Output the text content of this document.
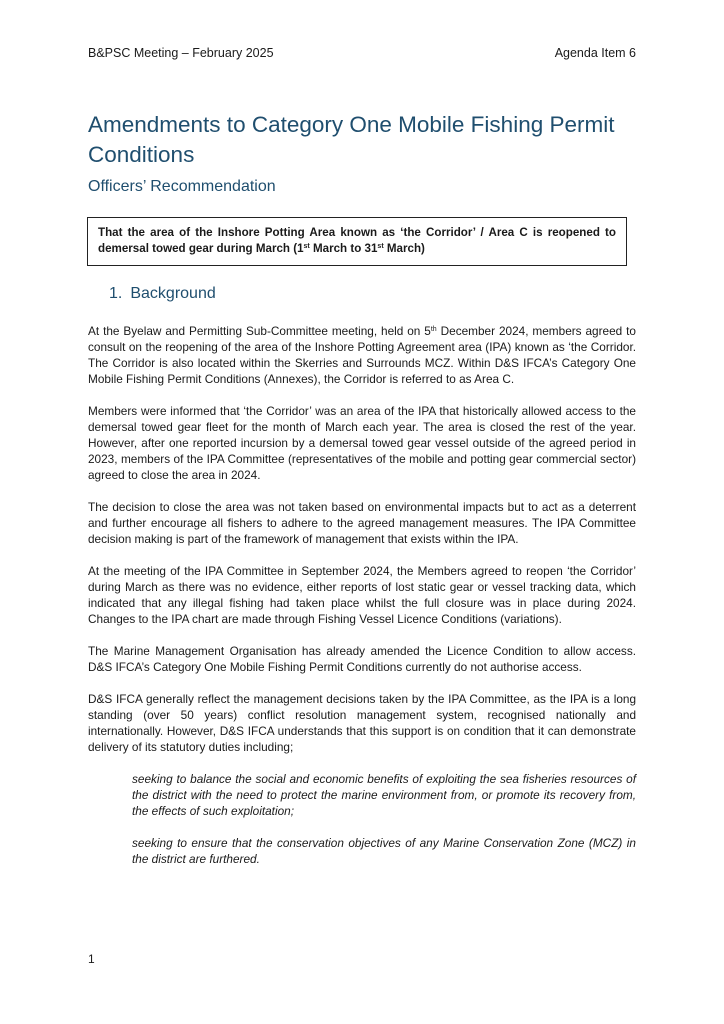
B&PSC Meeting – February 2025	Agenda Item 6
Amendments to Category One Mobile Fishing Permit Conditions
Officers’ Recommendation
That the area of the Inshore Potting Area known as ‘the Corridor’ / Area C is reopened to demersal towed gear during March (1st March to 31st March)
1. Background

At the Byelaw and Permitting Sub-Committee meeting, held on 5th December 2024, members agreed to consult on the reopening of the area of the Inshore Potting Agreement area (IPA) known as ‘the Corridor. The Corridor is also located within the Skerries and Surrounds MCZ. Within D&S IFCA’s Category One Mobile Fishing Permit Conditions (Annexes), the Corridor is referred to as Area C.

Members were informed that ‘the Corridor’ was an area of the IPA that historically allowed access to the demersal towed gear fleet for the month of March each year. The area is closed the rest of the year. However, after one reported incursion by a demersal towed gear vessel outside of the agreed period in 2023, members of the IPA Committee (representatives of the mobile and potting gear commercial sector) agreed to close the area in 2024.

The decision to close the area was not taken based on environmental impacts but to act as a deterrent and further encourage all fishers to adhere to the agreed management measures. The IPA Committee decision making is part of the framework of management that exists within the IPA.

At the meeting of the IPA Committee in September 2024, the Members agreed to reopen ‘the Corridor’ during March as there was no evidence, either reports of lost static gear or vessel tracking data, which indicated that any illegal fishing had taken place whilst the full closure was in place during 2024. Changes to the IPA chart are made through Fishing Vessel Licence Conditions (variations).

The Marine Management Organisation has already amended the Licence Condition to allow access. D&S IFCA’s Category One Mobile Fishing Permit Conditions currently do not authorise access.

D&S IFCA generally reflect the management decisions taken by the IPA Committee, as the IPA is a long standing (over 50 years) conflict resolution management system, recognised nationally and internationally. However, D&S IFCA understands that this support is on condition that it can demonstrate delivery of its statutory duties including;

seeking to balance the social and economic benefits of exploiting the sea fisheries resources of the district with the need to protect the marine environment from, or promote its recovery from, the effects of such exploitation;

seeking to ensure that the conservation objectives of any Marine Conservation Zone (MCZ) in the district are furthered.

1
